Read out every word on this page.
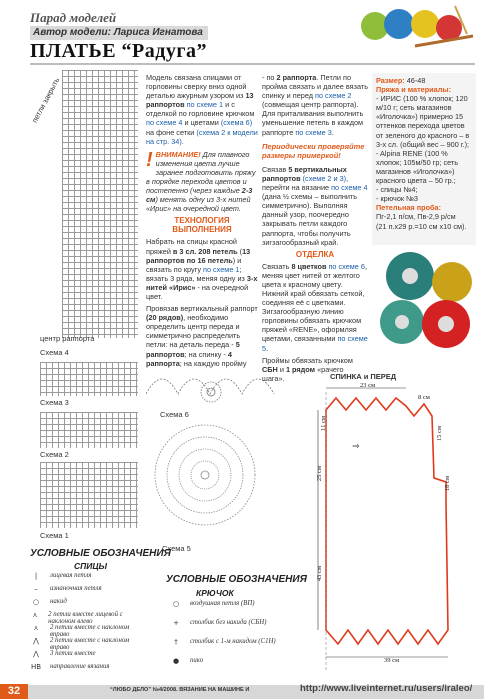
Парад моделей
Автор модели: Лариса Игнатова
ПЛАТЬЕ “Радуга”
петли закрыть
центр раппорта
Схема 4
Схема 3
Схема 2
Схема 1
Схема 6
Схема 5

Модель связана спицами от горловины сверху вниз одной деталью ажурным узором из 13 раппортов по схеме 1 и с отделкой по горловине крючком по схеме 4 и цветами (схема 6) на фоне сетки (схема 2 к модели на стр. 34).

! ВНИМАНИЕ! Для плавного изменения цвета лучше заранее подготовить пряжу в порядке перехода цветов и постепенно (через каждые 2-3 см) менять одну из 3-х нитей «Ирис» на очередной цвет.

ТЕХНОЛОГИЯ ВЫПОЛНЕНИЯ

Набрать на спицы красной пряжей в 3 сл. 208 петель (13 раппортов по 16 петель) и связать по кругу по схеме 1; вязать 3 ряда, меняя одну из 3-х нитей «Ирис» - на очередной цвет.

Провязав вертикальный раппорт (20 рядов), необходимо определить центр переда и симметрично распределить петли: на деталь переда - 5 раппортов; на спинку - 4 раппорта; на каждую пройму

- по 2 раппорта. Петли по пройма связать и далее вязать спинку и перед по схеме 2 (совмещая центр раппорта). Для приталивания выполнить уменьшение петель в каждом раппорте по схеме 3.

Периодически проверяйте размеры примеркой!

Связав 5 вертикальных раппортов (схеме 2 и 3), перейти на вязание по схеме 4 (дана ½ схемы – выполнить симметрично). Выполняя данный узор, поочередно закрывать петли каждого раппорта, чтобы получить зигзагообразный край.

ОТДЕЛКА

Связать 8 цветков по схеме 6, меняя цвет нитей от желтого цвета к красному цвету. Нижний край обвязать сеткой, соединяя её с цветками. Зигзагообразную линию горловины обвязать крючком пряжей «RENE», оформляя цветами, связанными по схеме 5.

Проймы обвязать крючком СБН и 1 рядом «рачего шага».

Размер: 46-48

Пряжа и материалы:

- ИРИС (100 % хлопок; 120 м/10 г; сеть магазинов «Иголочка») примерно 15 оттенков перехода цветов от зеленого до красного – в 3-х сл. (общий вес – 900 г.);

- Alpina RENE (100 % хлопок; 105м/50 гр; сеть магазинов «Иголочка») красного цвета – 50 гр.;

- спицы №4;

- крючок №3

Петельная проба:

Пг-2,1 п/см, Пв-2,9 р/см

(21 п.x29 р.=10 см x10 см).

СПИНКА и ПЕРЕД
23 см
8 см
11 см
15 см
25 см
18 см
43 см
39 см
⇒
УСЛОВНЫЕ ОБОЗНАЧЕНИЯ
СПИЦЫ
|	лицевая петля
–	изнаночная петля
○	накид
⋏	2 петли вместе лицевой с наклоном влево
⋏	2 петли вместе с наклоном вправо
⋀	2 петли вместе с наклоном вправо
⋀	3 петли вместе
НВ направление вязания
УСЛОВНЫЕ ОБОЗНАЧЕНИЯ
КРЮЧОК
○	воздушная петля (ВП)
+	столбик без накида (СБН)
†	столбик с 1-м накидом (С1Н)
●	пико
32	“ЛЮБО ДЕЛО” №4/2008. ВЯЗАНИЕ НА МАШИНЕ И	http://www.liveinternet.ru/users/iraleo/
